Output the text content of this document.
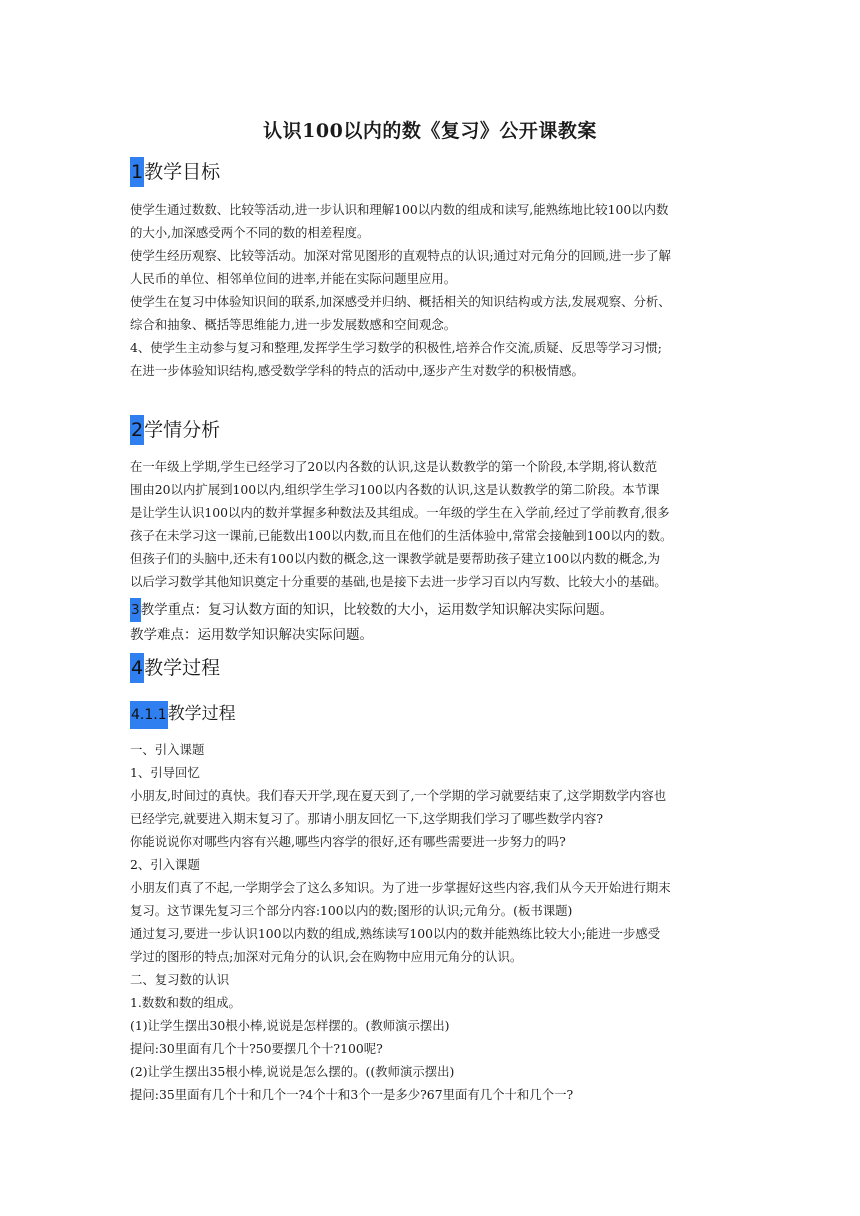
认识100以内的数《复习》公开课教案
1教学目标
使学生通过数数、比较等活动,进一步认识和理解100以内数的组成和读写,能熟练地比较100以内数
的大小,加深感受两个不同的数的相差程度。
使学生经历观察、比较等活动。加深对常见图形的直观特点的认识;通过对元角分的回顾,进一步了解
人民币的单位、相邻单位间的进率,并能在实际问题里应用。
使学生在复习中体验知识间的联系,加深感受并归纳、概括相关的知识结构或方法,发展观察、分析、
综合和抽象、概括等思维能力,进一步发展数感和空间观念。
4、使学生主动参与复习和整理,发挥学生学习数学的积极性,培养合作交流,质疑、反思等学习习惯;
在进一步体验知识结构,感受数学学科的特点的活动中,逐步产生对数学的积极情感。
2学情分析
在一年级上学期,学生已经学习了20以内各数的认识,这是认数教学的第一个阶段,本学期,将认数范
围由20以内扩展到100以内,组织学生学习100以内各数的认识,这是认数教学的第二阶段。本节课
是让学生认识100以内的数并掌握多种数法及其组成。一年级的学生在入学前,经过了学前教育,很多
孩子在未学习这一课前,已能数出100以内数,而且在他们的生活体验中,常常会接触到100以内的数。
但孩子们的头脑中,还未有100以内数的概念,这一课教学就是要帮助孩子建立100以内数的概念,为
以后学习数学其他知识奠定十分重要的基础,也是接下去进一步学习百以内写数、比较大小的基础。
3教学重点：复习认数方面的知识，比较数的大小，运用数学知识解决实际问题。
教学难点：运用数学知识解决实际问题。
4教学过程
4.1.1教学过程
一、引入课题
1、引导回忆
小朋友,时间过的真快。我们春天开学,现在夏天到了,一个学期的学习就要结束了,这学期数学内容也
已经学完,就要进入期末复习了。那请小朋友回忆一下,这学期我们学习了哪些数学内容?
你能说说你对哪些内容有兴趣,哪些内容学的很好,还有哪些需要进一步努力的吗?
2、引入课题
小朋友们真了不起,一学期学会了这么多知识。为了进一步掌握好这些内容,我们从今天开始进行期末
复习。这节课先复习三个部分内容:100以内的数;图形的认识;元角分。(板书课题)
通过复习,要进一步认识100以内数的组成,熟练读写100以内的数并能熟练比较大小;能进一步感受
学过的图形的特点;加深对元角分的认识,会在购物中应用元角分的认识。
二、复习数的认识
1.数数和数的组成。
(1)让学生摆出30根小棒,说说是怎样摆的。(教师演示摆出)
提问:30里面有几个十?50要摆几个十?100呢?
(2)让学生摆出35根小棒,说说是怎么摆的。((教师演示摆出)
提问:35里面有几个十和几个一?4个十和3个一是多少?67里面有几个十和几个一?
